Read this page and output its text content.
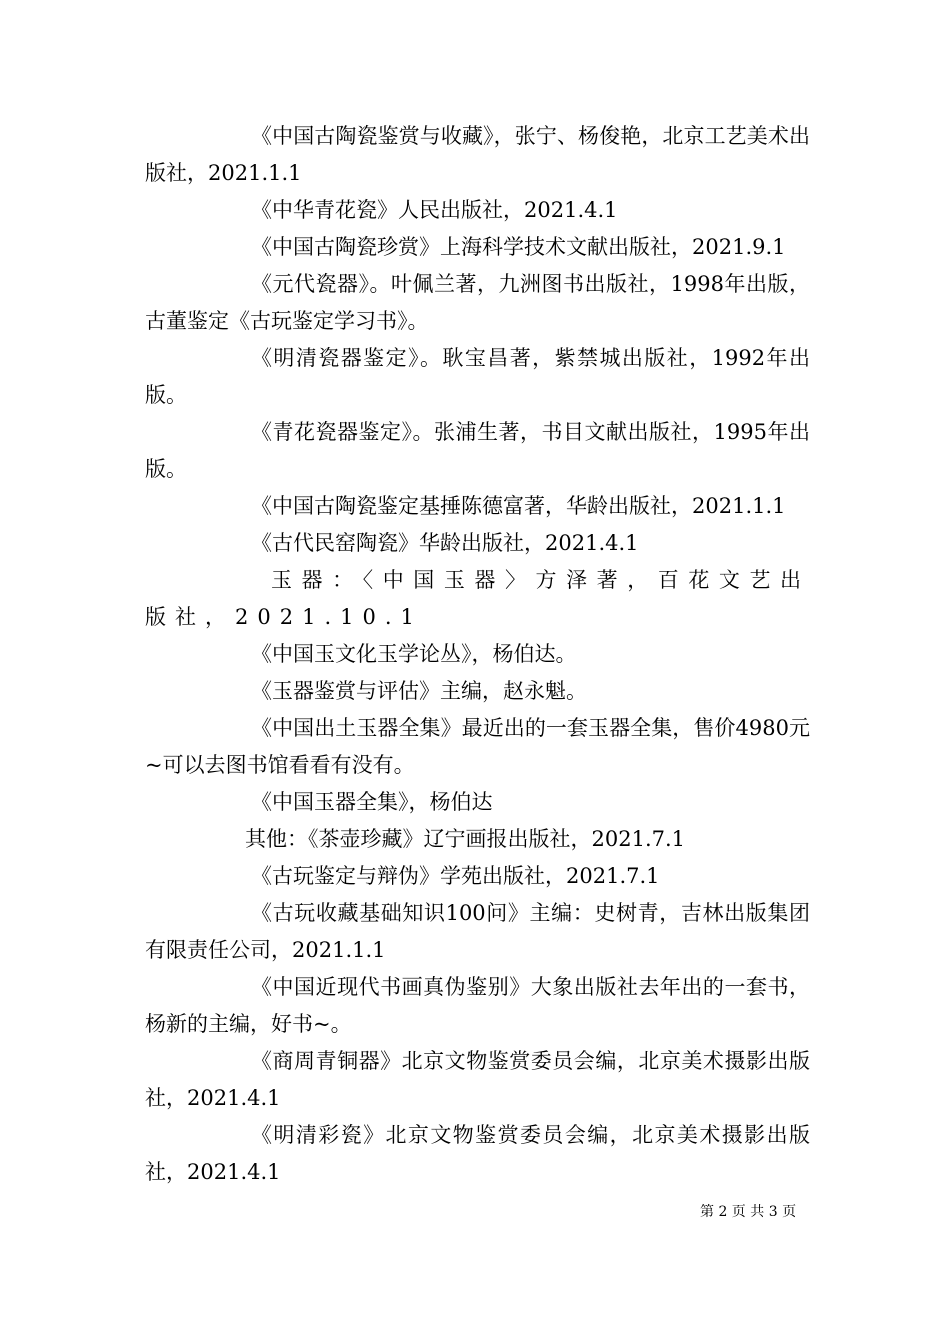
《中国古陶瓷鉴赏与收藏》，张宁、杨俊艳，北京工艺美术出版社，2021.1.1

《中华青花瓷》人民出版社，2021.4.1

《中国古陶瓷珍赏》上海科学技术文献出版社，2021.9.1

《元代瓷器》。叶佩兰著，九洲图书出版社，1998年出版，古董鉴定《古玩鉴定学习书》。

《明清瓷器鉴定》。耿宝昌著，紫禁城出版社，1992年出版。

《青花瓷器鉴定》。张浦生著，书目文献出版社，1995年出版。

《中国古陶瓷鉴定基捶陈德富著，华龄出版社，2021.1.1

《古代民窑陶瓷》华龄出版社，2021.4.1

玉器：〈中国玉器〉方泽著，百花文艺出版社，2021.10.1

《中国玉文化玉学论丛》，杨伯达。

《玉器鉴赏与评估》主编，赵永魁。

《中国出土玉器全集》最近出的一套玉器全集，售价4980元~可以去图书馆看看有没有。

《中国玉器全集》，杨伯达

其他：《茶壶珍藏》辽宁画报出版社，2021.7.1

《古玩鉴定与辩伪》学苑出版社，2021.7.1

《古玩收藏基础知识100问》主编：史树青，吉林出版集团有限责任公司，2021.1.1

《中国近现代书画真伪鉴别》大象出版社去年出的一套书，杨新的主编，好书~。

《商周青铜器》北京文物鉴赏委员会编，北京美术摄影出版社，2021.4.1

《明清彩瓷》北京文物鉴赏委员会编，北京美术摄影出版社，2021.4.1

第 2 页 共 3 页
